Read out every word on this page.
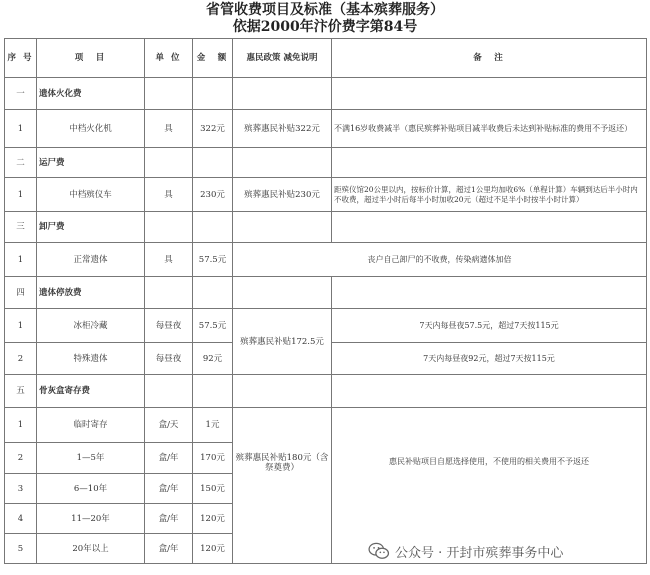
省管收费项目及标准（基本殡葬服务）
依据2000年汴价费字第84号
序 号	项　目	单 位	金　额	惠民政策 减免说明	备　注
一	遗体火化费				
1	中档火化机	具	322元	殡葬惠民补贴322元	不满16岁收费减半（惠民殡葬补贴项目减半收费后未达到补贴标准的费用不予返还）
二	运尸费				
1	中档殡仪车	具	230元	殡葬惠民补贴230元	距殡仪馆20公里以内，按标价计算，超过1公里均加收6%（单程计算）车辆到达后半小时内不收费，超过半小时后每半小时加收20元（超过不足半小时按半小时计算）
三	卸尸费				
1	正常遗体	具	57.5元	丧户自己卸尸的不收费，传染病遗体加倍	
四	遗体停放费				
1	冰柜冷藏	每昼夜	57.5元	殡葬惠民补贴172.5元	7天内每昼夜57.5元，超过7天按115元
2	特殊遗体	每昼夜	92元		7天内每昼夜92元，超过7天按115元
五	骨灰盒寄存费				
1	临时寄存	盒/天	1元	殡葬惠民补贴180元（含祭奠费）	惠民补贴项目自愿选择使用，不使用的相关费用不予返还
2	1—5年	盒/年	170元		
3	6—10年	盒/年	150元		
4	11—20年	盒/年	120元		
5	20年以上	盒/年	120元			公众号 · 开封市殡葬事务中心
